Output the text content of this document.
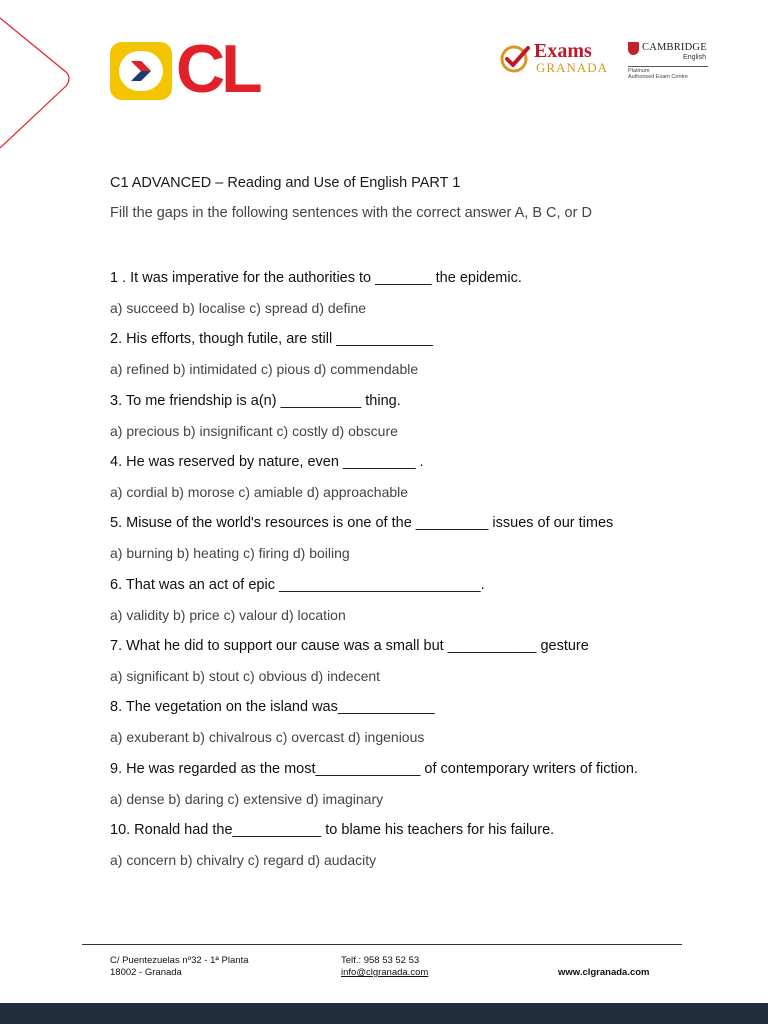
CL	Exams
GRANADA
CAMBRIDGE
English
Platinum
Authorised Exam Centre
C1 ADVANCED – Reading and Use of English PART 1
Fill the gaps in the following sentences with the correct answer A, B C, or D
1 . It was imperative for the authorities to _______ the epidemic.
a) succeed b) localise c) spread d) define
2. His efforts, though futile, are still ____________
a) refined b) intimidated c) pious d) commendable
3. To me friendship is a(n) __________ thing.
a) precious b) insignificant c) costly d) obscure
4. He was reserved by nature, even _________ .
a) cordial b) morose c) amiable d) approachable
5. Misuse of the world's resources is one of the _________ issues of our times
a) burning b) heating c) firing d) boiling
6. That was an act of epic _________________________.
a) validity b) price c) valour d) location
7. What he did to support our cause was a small but ___________ gesture
a) significant b) stout c) obvious d) indecent
8. The vegetation on the island was____________
a) exuberant b) chivalrous c) overcast d) ingenious
9. He was regarded as the most_____________ of contemporary writers of fiction.
a) dense b) daring c) extensive d) imaginary
10. Ronald had the___________ to blame his teachers for his failure.
a) concern b) chivalry c) regard d) audacity
C/ Puentezuelas nº32 - 1ª Planta
18002 - Granada
Telf.: 958 53 52 53
info@clgranada.com	www.clgranada.com
